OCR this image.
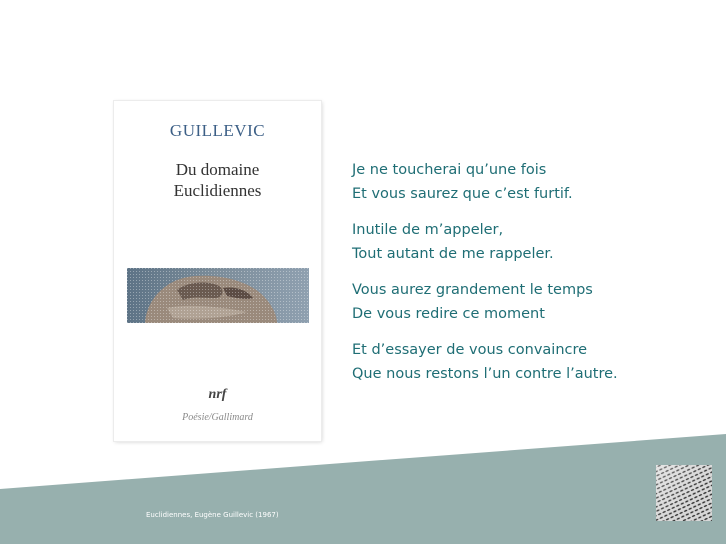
GUILLEVIC
Du domaine
Euclidiennes
nrf
Poésie/Gallimard

Je ne toucherai qu’une fois
Et vous saurez que c’est furtif.

Inutile de m’appeler,
Tout autant de me rappeler.

Vous aurez grandement le temps
De vous redire ce moment

Et d’essayer de vous convaincre
Que nous restons l’un contre l’autre.

Euclidiennes, Eugène Guillevic (1967)
